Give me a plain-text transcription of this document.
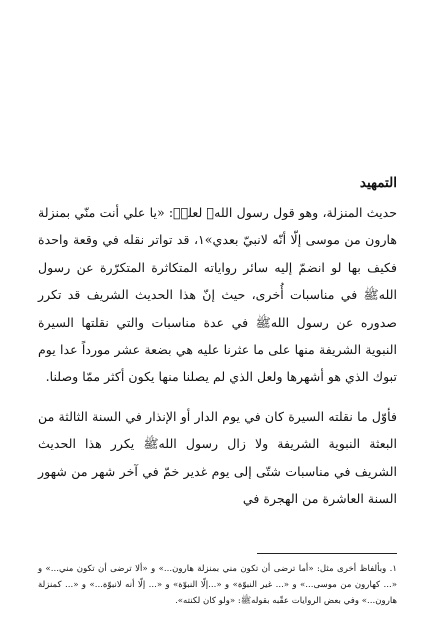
التمهيد

حديث المنزلة، وهو قول رسول اللهﷺ لعليؑ: «يا علي أنت منّي بمنزلة هارون من موسى إلّا أنّه لانبيّ بعدي»١، قد تواتر نقله في وقعة واحدة فكيف بها لو انضمّ إليه سائر رواياته المتكاثرة المتكرّرة عن رسول اللهﷺ في مناسبات أُخرى، حيث إنّ هذا الحديث الشريف قد تكرر صدوره عن رسول اللهﷺ في عدة مناسبات والتي نقلتها السيرة النبوية الشريفة منها على ما عثرنا عليه هي بضعة عشر مورداً عدا يوم تبوك الذي هو أشهرها ولعل الذي لم يصلنا منها يكون أكثر ممّا وصلنا.

فأوّل ما نقلته السيرة كان في يوم الدار أو الإنذار في السنة الثالثة من البعثة النبوية الشريفة ولا زال رسول اللهﷺ يكرر هذا الحديث الشريف في مناسبات شتّى إلى يوم غدير خمّ في آخر شهر من شهور السنة العاشرة من الهجرة في

١. وبألفاظ أخرى مثل: «أما ترضى أن تكون مني بمنزلة هارون...» و «ألا ترضى أن تكون مني...» و «... كهارون من موسى...» و «... غير النبوّة» و «...إلّا النبوّة» و «... إلّا أنه لانبوّة...» و «... كمنزلة هارون...» وفي بعض الروايات عقّبه بقولهﷺ: «ولو كان لكنته».
